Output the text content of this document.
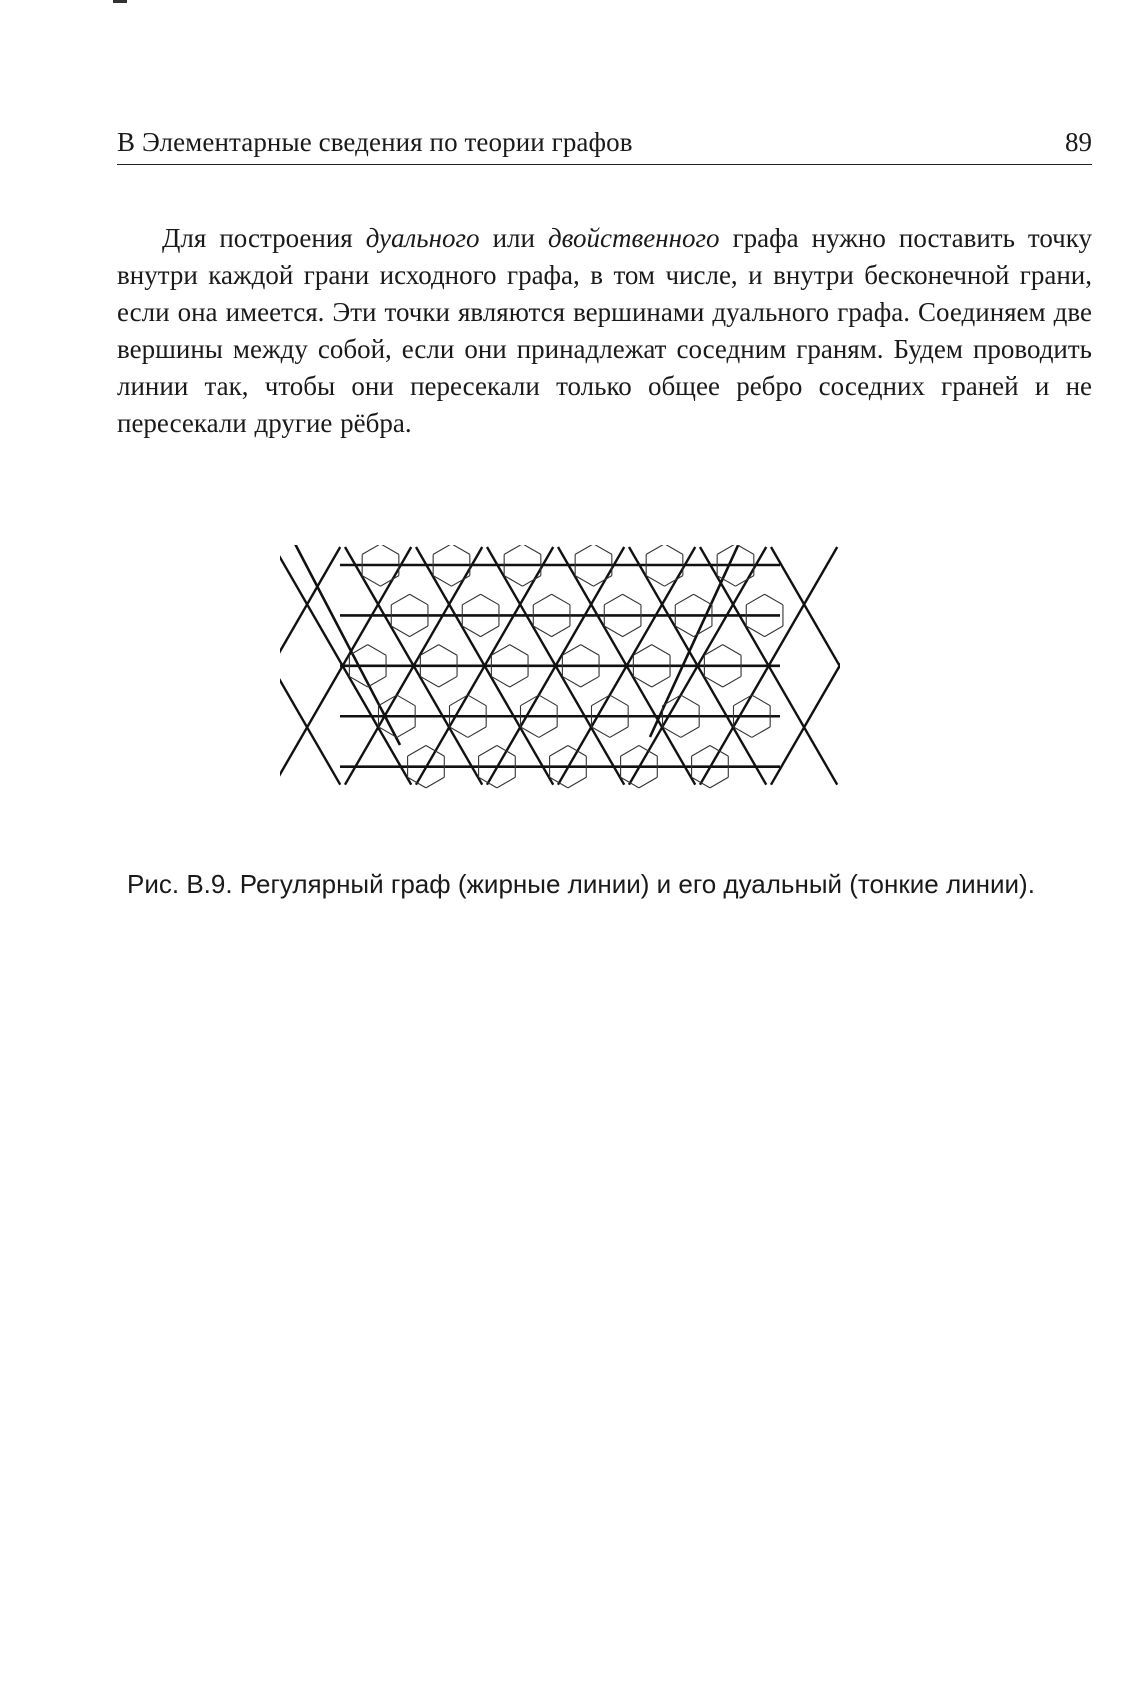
В Элементарные сведения по теории графов	89

Для построения дуального или двойственного графа нужно поставить точку внутри каждой грани исходного графа, в том числе, и внутри бесконечной грани, если она имеется. Эти точки являются вершинами дуального графа. Соединяем две вершины между собой, если они принадлежат соседним граням. Будем проводить линии так, чтобы они пересекали только общее ребро соседних граней и не пересекали другие рёбра.

Рис. В.9. Регулярный граф (жирные линии) и его дуальный (тонкие линии).
